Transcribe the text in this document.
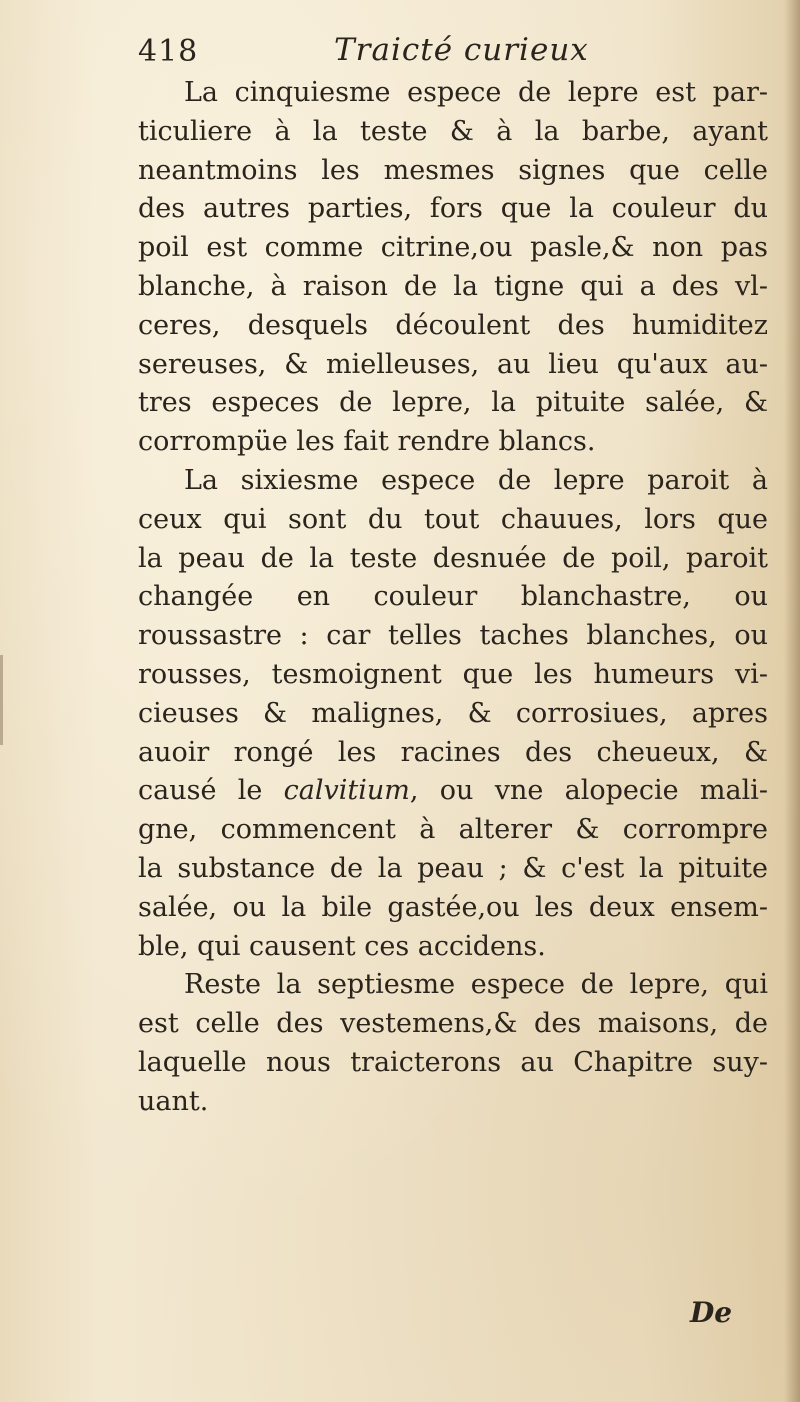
418	Traicté curieux
La cinquiesme espece de lepre est par-
ticuliere à la teste & à la barbe, ayant
neantmoins les mesmes signes que celle
des autres parties, fors que la couleur du
poil est comme citrine,ou pasle,& non pas
blanche, à raison de la tigne qui a des vl-
ceres, desquels découlent des humiditez
sereuses, & mielleuses, au lieu qu'aux au-
tres especes de lepre, la pituite salée, &
corrompüe les fait rendre blancs.
La sixiesme espece de lepre paroit à
ceux qui sont du tout chauues, lors que
la peau de la teste desnuée de poil, paroit
changée en couleur blanchastre, ou
roussastre : car telles taches blanches, ou
rousses, tesmoignent que les humeurs vi-
cieuses & malignes, & corrosiues, apres
auoir rongé les racines des cheueux, &
causé le calvitium, ou vne alopecie mali-
gne, commencent à alterer & corrompre
la substance de la peau ; & c'est la pituite
salée, ou la bile gastée,ou les deux ensem-
ble, qui causent ces accidens.
Reste la septiesme espece de lepre, qui
est celle des vestemens,& des maisons, de
laquelle nous traicterons au Chapitre suy-
uant.
De
